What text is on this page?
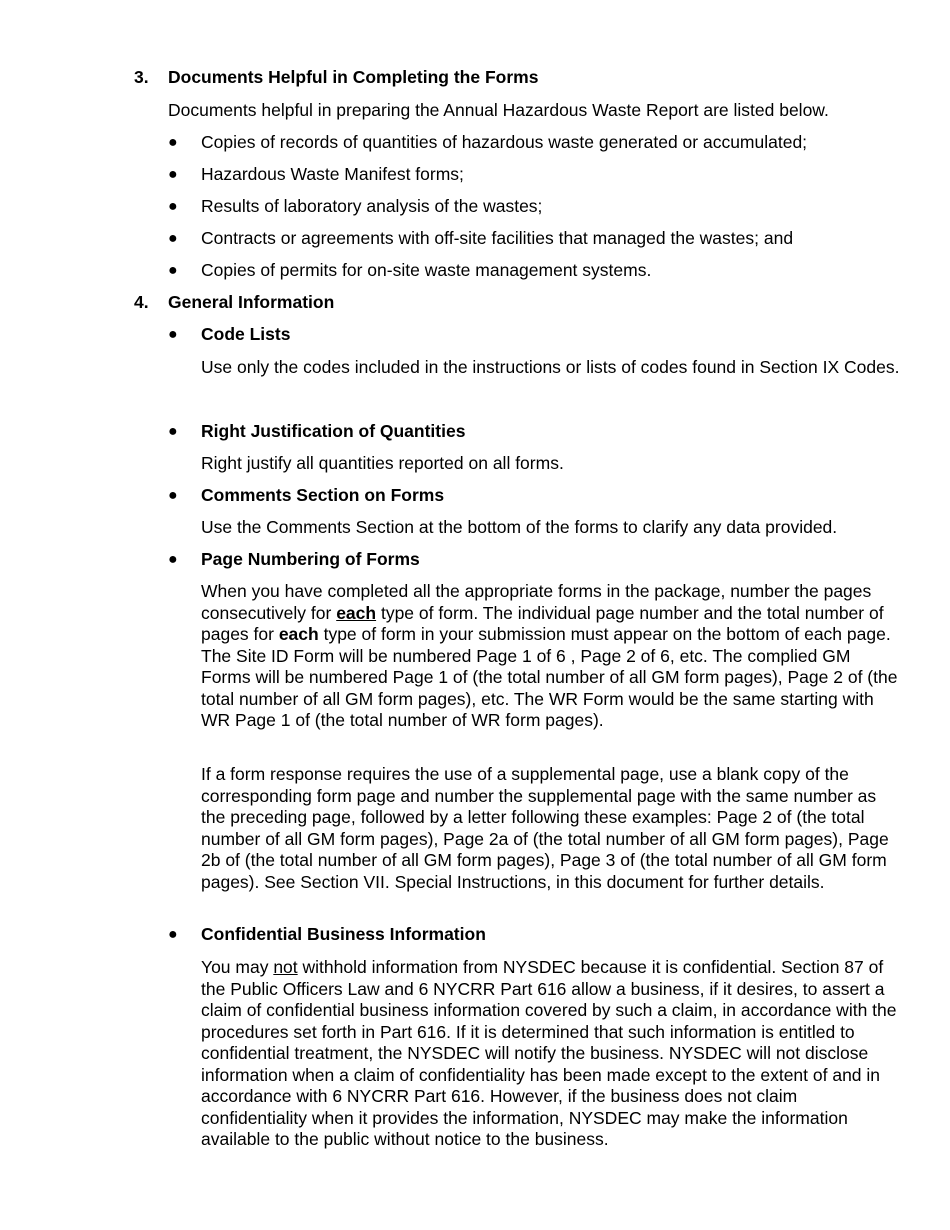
3. Documents Helpful in Completing the Forms
Documents helpful in preparing the Annual Hazardous Waste Report are listed below.
● Copies of records of quantities of hazardous waste generated or accumulated;
● Hazardous Waste Manifest forms;
● Results of laboratory analysis of the wastes;
● Contracts or agreements with off-site facilities that managed the wastes; and
● Copies of permits for on-site waste management systems.
4. General Information
● Code Lists
Use only the codes included in the instructions or lists of codes found in Section IX Codes.
● Right Justification of Quantities
Right justify all quantities reported on all forms.
● Comments Section on Forms
Use the Comments Section at the bottom of the forms to clarify any data provided.
● Page Numbering of Forms
When you have completed all the appropriate forms in the package, number the pages consecutively for each type of form. The individual page number and the total number of pages for each type of form in your submission must appear on the bottom of each page. The Site ID Form will be numbered Page 1 of 6 , Page 2 of 6, etc. The complied GM Forms will be numbered Page 1 of (the total number of all GM form pages), Page 2 of (the total number of all GM form pages), etc. The WR Form would be the same starting with WR Page 1 of (the total number of WR form pages).
If a form response requires the use of a supplemental page, use a blank copy of the corresponding form page and number the supplemental page with the same number as the preceding page, followed by a letter following these examples: Page 2 of (the total number of all GM form pages), Page 2a of (the total number of all GM form pages), Page 2b of (the total number of all GM form pages), Page 3 of (the total number of all GM form pages). See Section VII. Special Instructions, in this document for further details.
● Confidential Business Information
You may not withhold information from NYSDEC because it is confidential. Section 87 of the Public Officers Law and 6 NYCRR Part 616 allow a business, if it desires, to assert a claim of confidential business information covered by such a claim, in accordance with the procedures set forth in Part 616. If it is determined that such information is entitled to confidential treatment, the NYSDEC will notify the business. NYSDEC will not disclose information when a claim of confidentiality has been made except to the extent of and in accordance with 6 NYCRR Part 616. However, if the business does not claim confidentiality when it provides the information, NYSDEC may make the information available to the public without notice to the business.
